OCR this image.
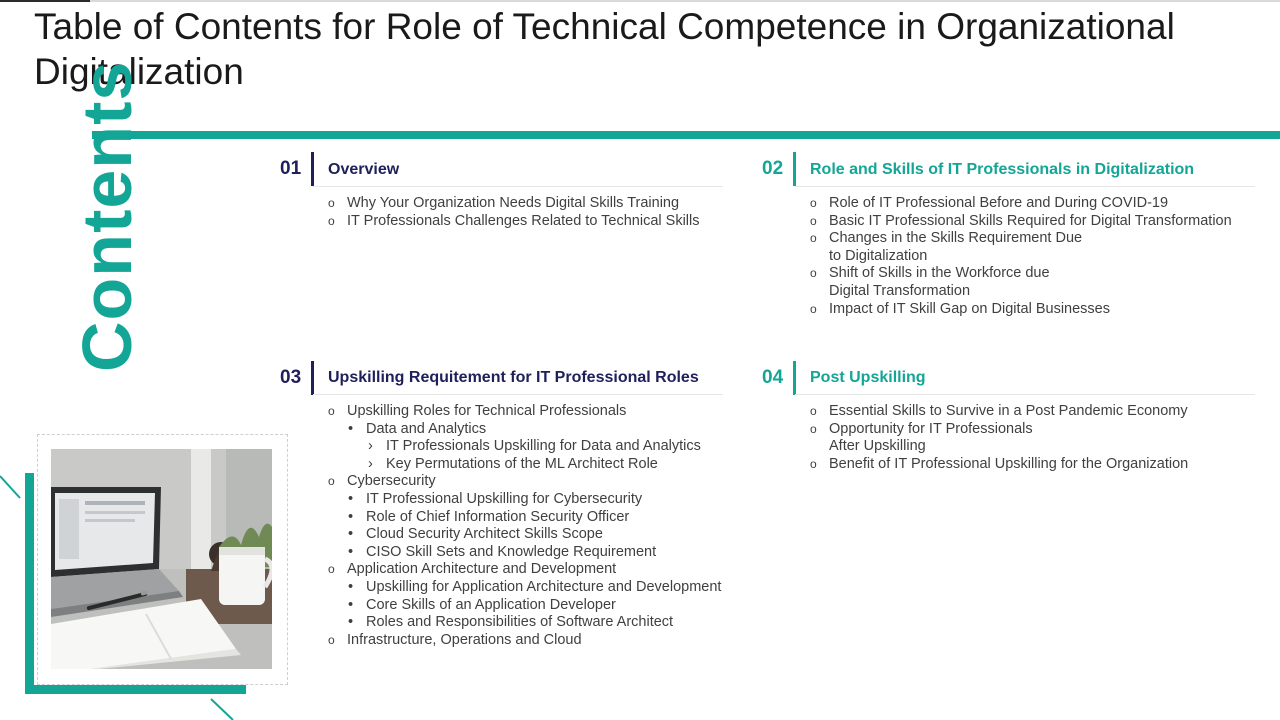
Table of Contents for Role of Technical Competence in Organizational Digitalization
Contents	01 Overview
o Why Your Organization Needs Digital Skills Training
o IT Professionals Challenges Related to Technical Skills
02 Role and Skills of IT Professionals in Digitalization
o Role of IT Professional Before and During COVID-19
o Basic IT Professional Skills Required for Digital Transformation
o Changes in the Skills Requirement Due
to Digitalization
o Shift of Skills in the Workforce due
Digital Transformation
o Impact of IT Skill Gap on Digital Businesses
03 Upskilling Requitement for IT Professional Roles
o Upskilling Roles for Technical Professionals
• Data and Analytics
› IT Professionals Upskilling for Data and Analytics
› Key Permutations of the ML Architect Role
o Cybersecurity
• IT Professional Upskilling for Cybersecurity
• Role of Chief Information Security Officer
• Cloud Security Architect Skills Scope
• CISO Skill Sets and Knowledge Requirement
o Application Architecture and Development
• Upskilling for Application Architecture and Development
• Core Skills of an Application Developer
• Roles and Responsibilities of Software Architect
o Infrastructure, Operations and Cloud
04 Post Upskilling
o Essential Skills to Survive in a Post Pandemic Economy
o Opportunity for IT Professionals
After Upskilling
o Benefit of IT Professional Upskilling for the Organization
